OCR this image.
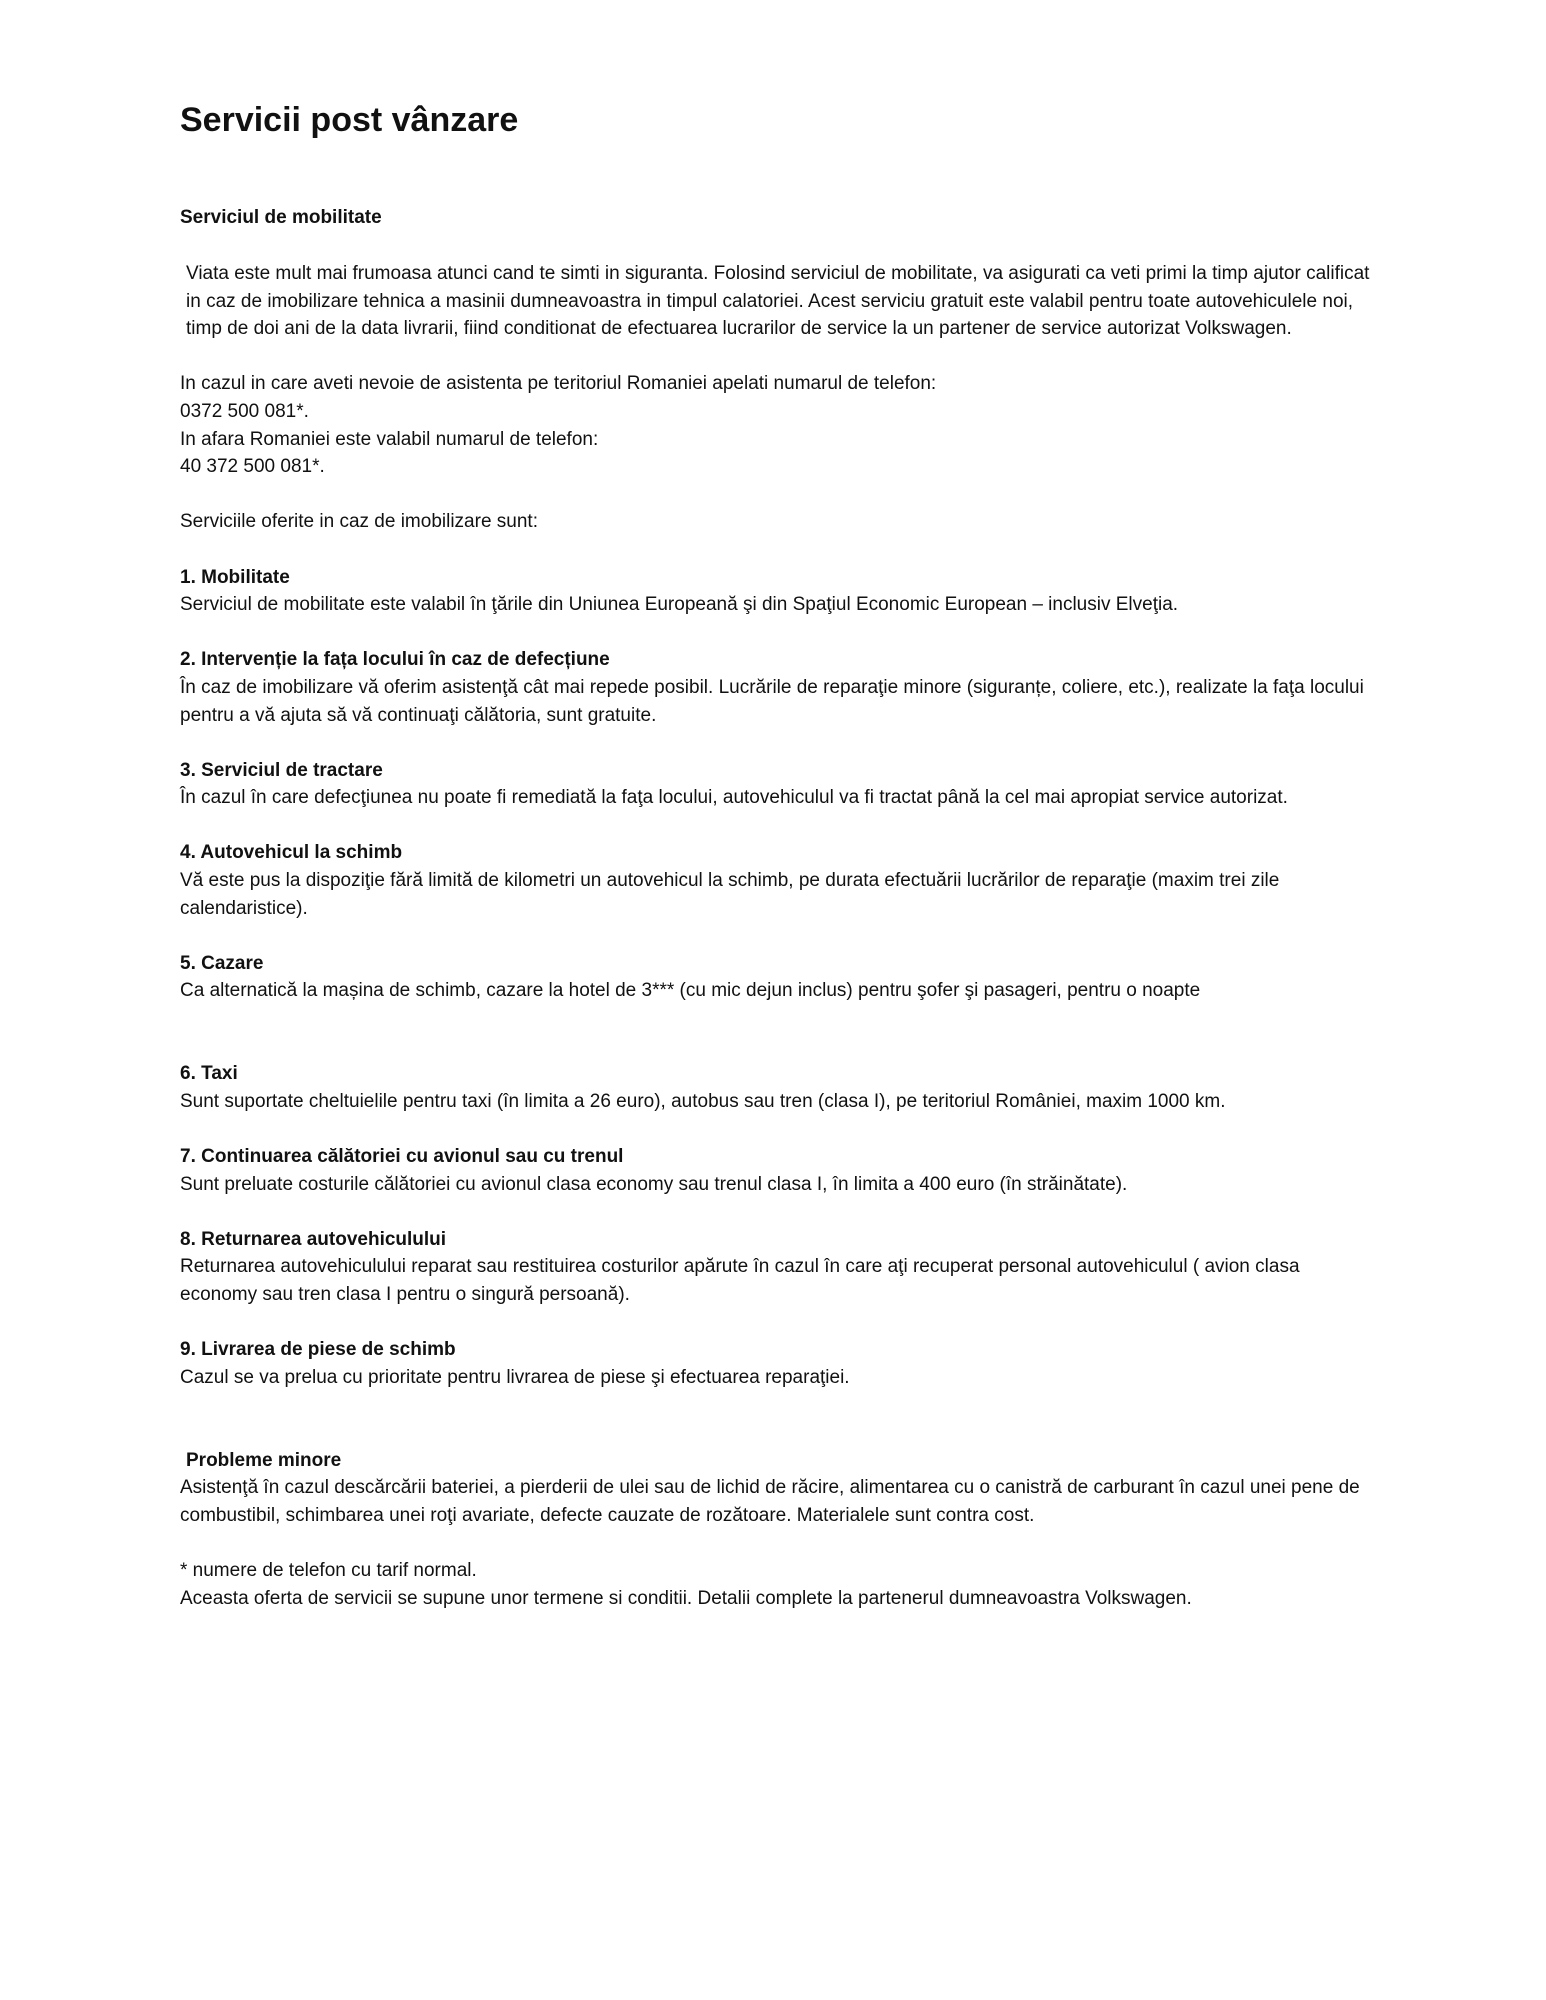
Servicii post vânzare
Serviciul de mobilitate

Viata este mult mai frumoasa atunci cand te simti in siguranta. Folosind serviciul de mobilitate, va asigurati ca veti primi la timp ajutor calificat in caz de imobilizare tehnica a masinii dumneavoastra in timpul calatoriei. Acest serviciu gratuit este valabil pentru toate autovehiculele noi, timp de doi ani de la data livrarii, fiind conditionat de efectuarea lucrarilor de service la un partener de service autorizat Volkswagen.

In cazul in care aveti nevoie de asistenta pe teritoriul Romaniei apelati numarul de telefon:

0372 500 081*.

In afara Romaniei este valabil numarul de telefon:

40 372 500 081*.

Serviciile oferite in caz de imobilizare sunt:

1. Mobilitate

Serviciul de mobilitate este valabil în ţările din Uniunea Europeană şi din Spaţiul Economic European – inclusiv Elveţia.

2. Intervenție la fața locului în caz de defecțiune

În caz de imobilizare vă oferim asistenţă cât mai repede posibil. Lucrările de reparaţie minore (siguranțe, coliere, etc.), realizate la faţa locului pentru a vă ajuta să vă continuaţi călătoria, sunt gratuite.

3. Serviciul de tractare

În cazul în care defecţiunea nu poate fi remediată la faţa locului, autovehiculul va fi tractat până la cel mai apropiat service autorizat.

4. Autovehicul la schimb

Vă este pus la dispoziţie fără limită de kilometri un autovehicul la schimb, pe durata efectuării lucrărilor de reparaţie (maxim trei zile calendaristice).

5. Cazare

Ca alternatică la mașina de schimb, cazare la hotel de 3*** (cu mic dejun inclus) pentru şofer şi pasageri, pentru o noapte

6. Taxi

Sunt suportate cheltuielile pentru taxi (în limita a 26 euro), autobus sau tren (clasa I), pe teritoriul României, maxim 1000 km.

7. Continuarea călătoriei cu avionul sau cu trenul

Sunt preluate costurile călătoriei cu avionul clasa economy sau trenul clasa I, în limita a 400 euro (în străinătate).

8. Returnarea autovehiculului

Returnarea autovehiculului reparat sau restituirea costurilor apărute în cazul în care aţi recuperat personal autovehiculul ( avion clasa economy sau tren clasa I pentru o singură persoană).

9. Livrarea de piese de schimb

Cazul se va prelua cu prioritate pentru livrarea de piese şi efectuarea reparaţiei.

Probleme minore

Asistenţă în cazul descărcării bateriei, a pierderii de ulei sau de lichid de răcire, alimentarea cu o canistră de carburant în cazul unei pene de combustibil, schimbarea unei roţi avariate, defecte cauzate de rozătoare. Materialele sunt contra cost.

* numere de telefon cu tarif normal.

Aceasta oferta de servicii se supune unor termene si conditii. Detalii complete la partenerul dumneavoastra Volkswagen.
